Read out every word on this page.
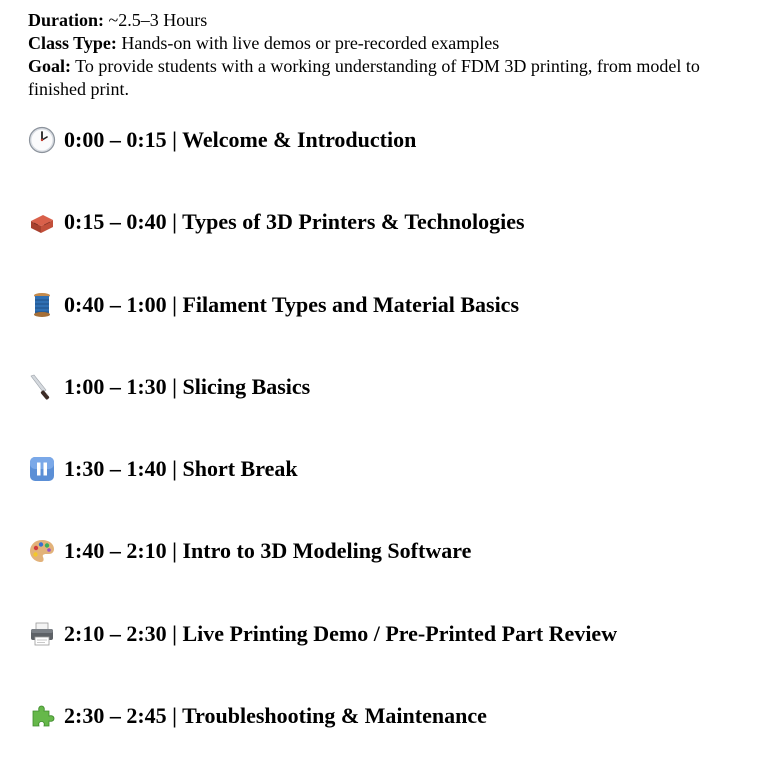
Duration: ~2.5–3 Hours

Class Type: Hands-on with live demos or pre-recorded examples

Goal: To provide students with a working understanding of FDM 3D printing, from model to finished print.

0:00 – 0:15 | Welcome & Introduction
0:15 – 0:40 | Types of 3D Printers & Technologies
0:40 – 1:00 | Filament Types and Material Basics
1:00 – 1:30 | Slicing Basics
1:30 – 1:40 | Short Break
1:40 – 2:10 | Intro to 3D Modeling Software
2:10 – 2:30 | Live Printing Demo / Pre-Printed Part Review
2:30 – 2:45 | Troubleshooting & Maintenance
